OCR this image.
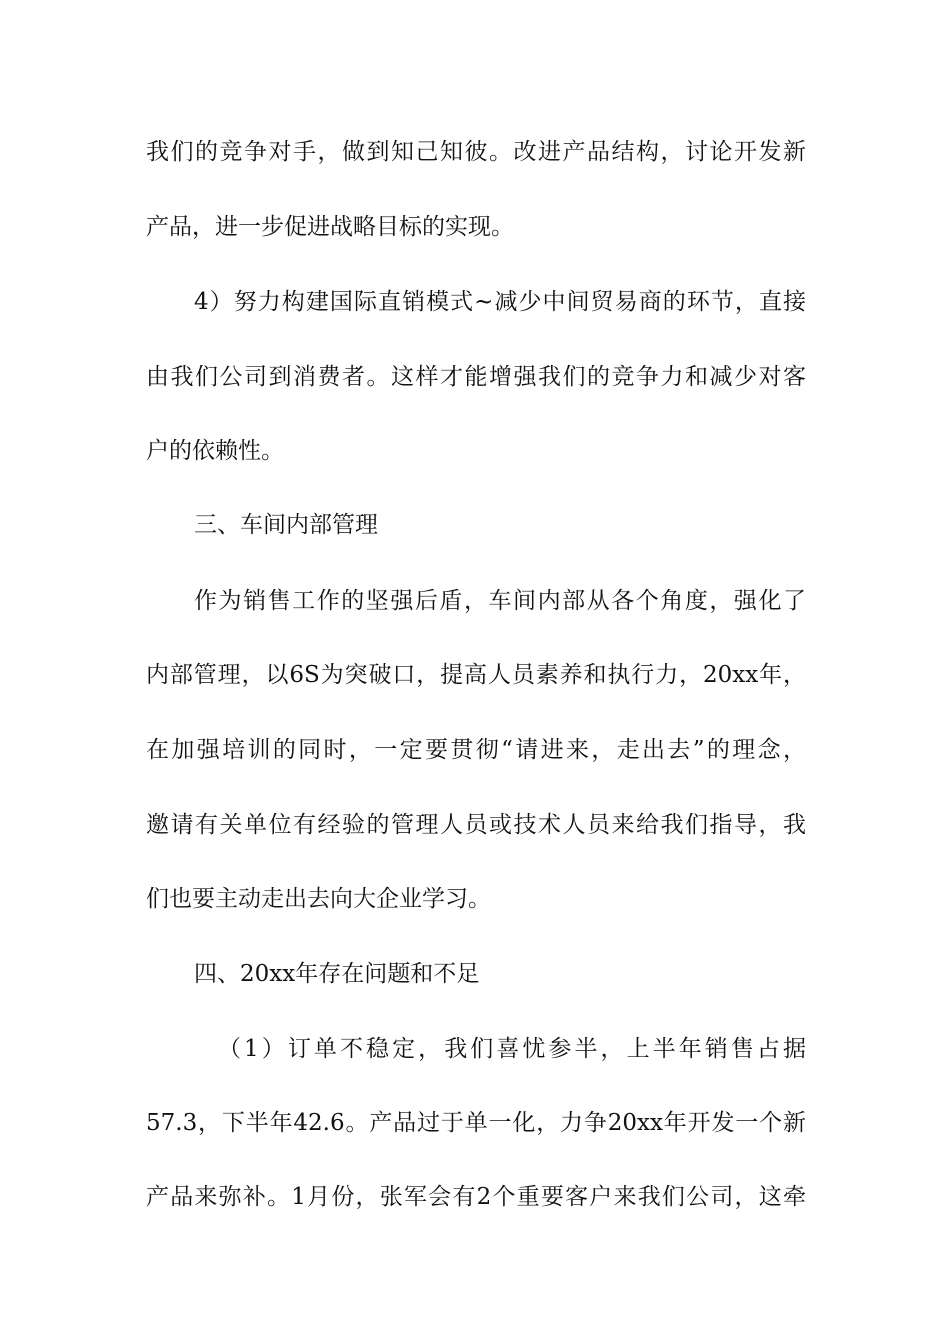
我们的竞争对手，做到知己知彼。改进产品结构，讨论开发新
产品，进一步促进战略目标的实现。
4）努力构建国际直销模式~减少中间贸易商的环节，直接
由我们公司到消费者。这样才能增强我们的竞争力和减少对客
户的依赖性。
三、车间内部管理
作为销售工作的坚强后盾，车间内部从各个角度，强化了
内部管理，以6S为突破口，提高人员素养和执行力，20xx年，
在加强培训的同时，一定要贯彻“请进来，走出去”的理念，
邀请有关单位有经验的管理人员或技术人员来给我们指导，我
们也要主动走出去向大企业学习。
四、20xx年存在问题和不足
（1）订单不稳定，我们喜忧参半，上半年销售占据
57.3，下半年42.6。产品过于单一化，力争20xx年开发一个新
产品来弥补。1月份，张军会有2个重要客户来我们公司，这牵
